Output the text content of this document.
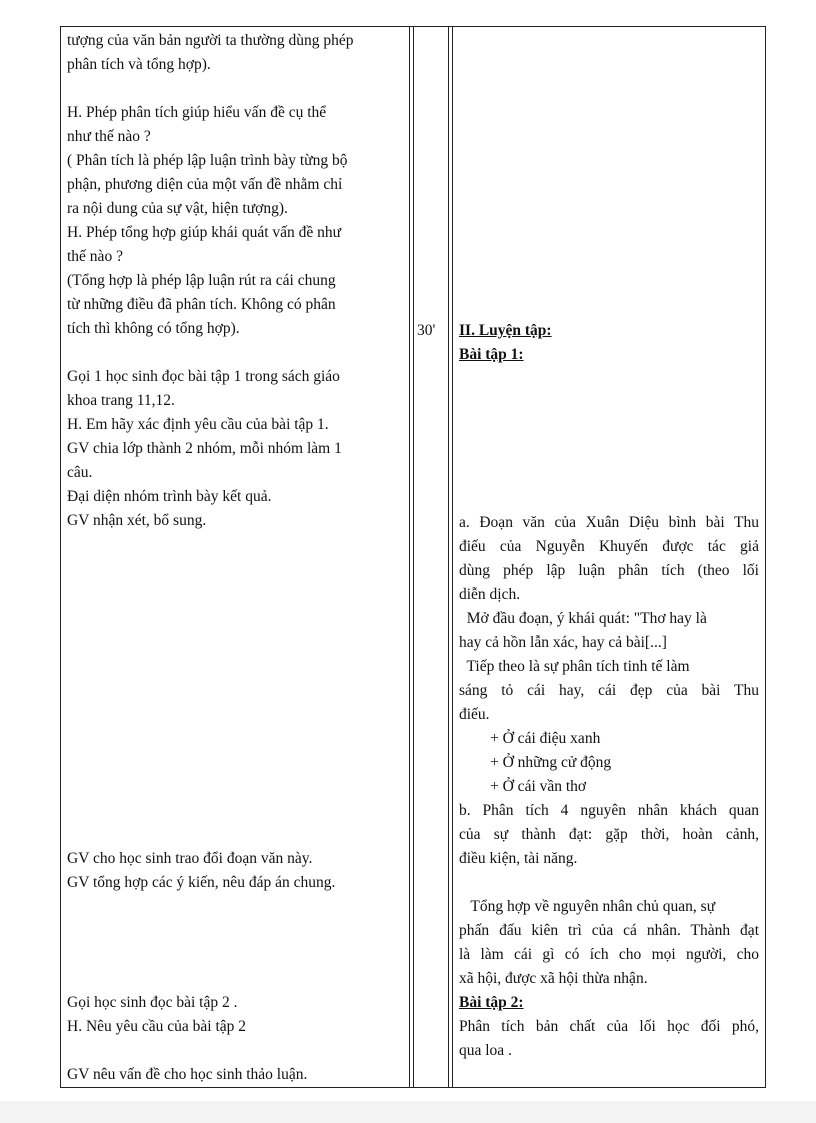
tượng của văn bản người ta thường dùng phép
phân tích và tổng hợp).
H. Phép phân tích giúp hiểu vấn đề cụ thể
như thế nào ?
( Phân tích là phép lập luận trình bày từng bộ
phận, phương diện của một vấn đề nhằm chỉ
ra nội dung của sự vật, hiện tượng).
H. Phép tổng hợp giúp khái quát vấn đề như
thế nào ?
(Tổng hợp là phép lập luận rút ra cái chung
từ những điều đã phân tích. Không có phân
tích thì không có tổng hợp).
Gọi 1 học sinh đọc bài tập 1 trong sách giáo
khoa trang 11,12.
H. Em hãy xác định yêu cầu của bài tập 1.
GV chia lớp thành 2 nhóm, mỗi nhóm làm 1
câu.
Đại diện nhóm trình bày kết quả.
GV nhận xét, bổ sung.
GV cho học sinh trao đổi đoạn văn này.
GV tổng hợp các ý kiến, nêu đáp án chung.
Gọi học sinh đọc bài tập 2 .
H. Nêu yêu cầu của bài tập 2
GV nêu vấn đề cho học sinh thảo luận.
30' II. Luyện tập:
Bài tập 1:
a. Đoạn văn của Xuân Diệu bình bài Thu
điếu của Nguyễn Khuyến được tác giả
dùng phép lập luận phân tích (theo lối
diễn dịch.
Mở đầu đoạn, ý khái quát: "Thơ hay là
hay cả hồn lẫn xác, hay cả bài[...]
Tiếp theo là sự phân tích tinh tế làm
sáng tỏ cái hay, cái đẹp của bài Thu
điếu.
+ Ở cái điệu xanh
+ Ở những cử động
+ Ở cái vần thơ
b. Phân tích 4 nguyên nhân khách quan
của sự thành đạt: gặp thời, hoàn cảnh,
điều kiện, tài năng.
Tổng hợp về nguyên nhân chủ quan, sự
phấn đấu kiên trì của cá nhân. Thành đạt
là làm cái gì có ích cho mọi người, cho
xã hội, được xã hội thừa nhận.
Bài tập 2:
Phân tích bản chất của lối học đối phó,
qua loa .
